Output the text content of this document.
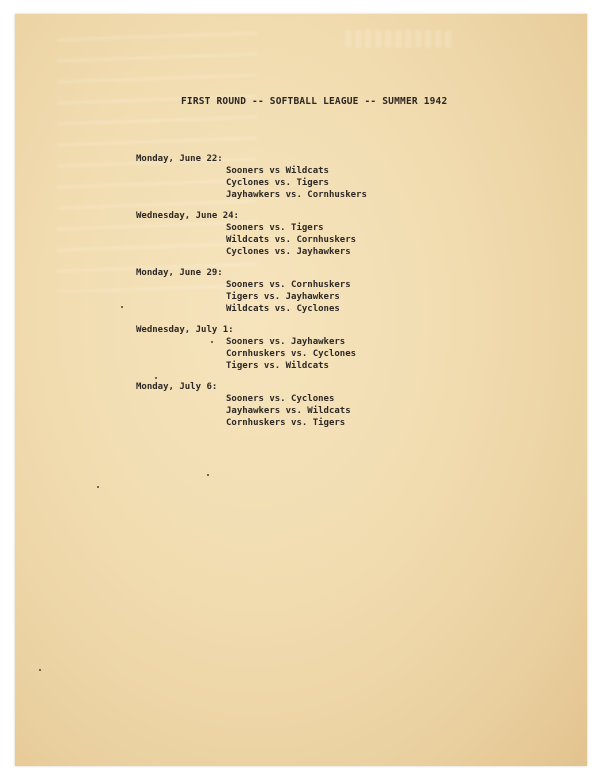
FIRST ROUND -- SOFTBALL LEAGUE -- SUMMER 1942
Monday, June 22:
Sooners vs Wildcats
Cyclones vs. Tigers
Jayhawkers vs. Cornhuskers
Wednesday, June 24:
Sooners vs. Tigers
Wildcats vs. Cornhuskers
Cyclones vs. Jayhawkers
Monday, June 29:
Sooners vs. Cornhuskers
Tigers vs. Jayhawkers
Wildcats vs. Cyclones
Wednesday, July 1:
Sooners vs. Jayhawkers
Cornhuskers vs. Cyclones
Tigers vs. Wildcats
Monday, July 6:
Sooners vs. Cyclones
Jayhawkers vs. Wildcats
Cornhuskers vs. Tigers
